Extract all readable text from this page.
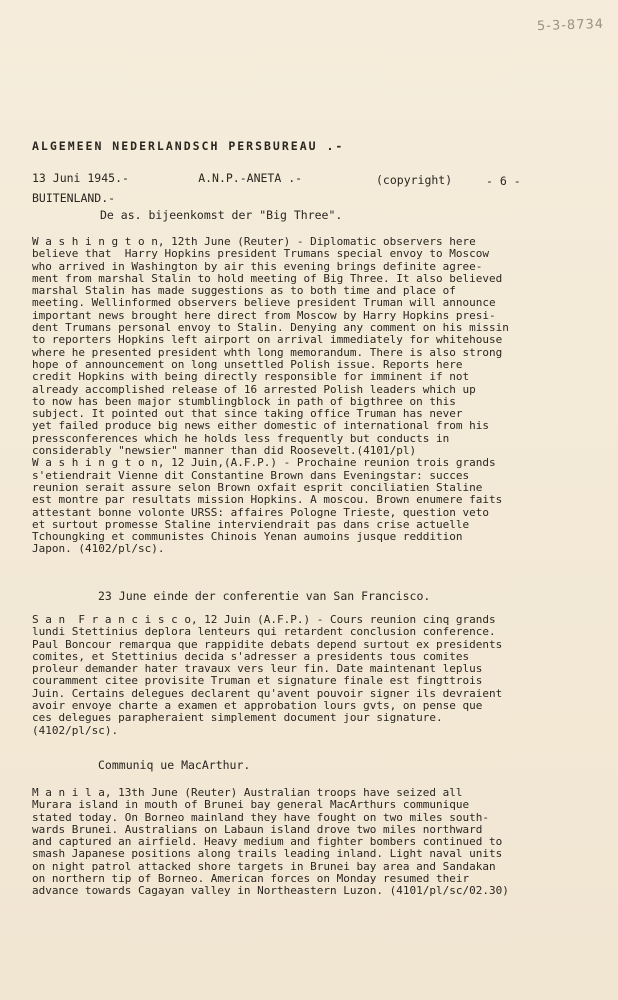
5-3-8734
ALGEMEEN NEDERLANDSCH PERSBUREAU .-
13 Juni 1945.-	A.N.P.-ANETA .-	(copyright)	- 6 -
BUITENLAND.-
De as. bijeenkomst der "Big Three".
W a s h i n g t o n, 12th June (Reuter) - Diplomatic observers here
believe that  Harry Hopkins president Trumans special envoy to Moscow
who arrived in Washington by air this evening brings definite agree-
ment from marshal Stalin to hold meeting of Big Three. It also believed
marshal Stalin has made suggestions as to both time and place of
meeting. Wellinformed observers believe president Truman will announce
important news brought here direct from Moscow by Harry Hopkins presi-
dent Trumans personal envoy to Stalin. Denying any comment on his missin
to reporters Hopkins left airport on arrival immediately for whitehouse
where he presented president whth long memorandum. There is also strong
hope of announcement on long unsettled Polish issue. Reports here
credit Hopkins with being directly responsible for imminent if not
already accomplished release of 16 arrested Polish leaders which up
to now has been major stumblingblock in path of bigthree on this
subject. It pointed out that since taking office Truman has never
yet failed produce big news either domestic of international from his
pressconferences which he holds less frequently but conducts in
considerably "newsier" manner than did Roosevelt.(4101/pl)
W a s h i n g t o n, 12 Juin,(A.F.P.) - Prochaine reunion trois grands
s'etiendrait Vienne dit Constantine Brown dans Eveningstar: succes
reunion serait assure selon Brown oxfait esprit conciliatien Staline
est montre par resultats mission Hopkins. A moscou. Brown enumere faits
attestant bonne volonte URSS: affaires Pologne Trieste, question veto
et surtout promesse Staline interviendrait pas dans crise actuelle
Tchoungking et communistes Chinois Yenan aumoins jusque reddition
Japon. (4102/pl/sc).
23 June einde der conferentie van San Francisco.
S a n  F r a n c i s c o, 12 Juin (A.F.P.) - Cours reunion cinq grands
lundi Stettinius deplora lenteurs qui retardent conclusion conference.
Paul Boncour remarqua que rappidite debats depend surtout ex presidents
comites, et Stettinius decida s'adresser a presidents tous comites
proleur demander hater travaux vers leur fin. Date maintenant leplus
couramment citee provisite Truman et signature finale est fingttrois
Juin. Certains delegues declarent qu'avent pouvoir signer ils devraient
avoir envoye charte a examen et approbation lours gvts, on pense que
ces delegues parapheraient simplement document jour signature.
(4102/pl/sc).
Communiq ue MacArthur.
M a n i l a, 13th June (Reuter) Australian troops have seized all
Murara island in mouth of Brunei bay general MacArthurs communique
stated today. On Borneo mainland they have fought on two miles south-
wards Brunei. Australians on Labaun island drove two miles northward
and captured an airfield. Heavy medium and fighter bombers continued to
smash Japanese positions along trails leading inland. Light naval units
on night patrol attacked shore targets in Brunei bay area and Sandakan
on northern tip of Borneo. American forces on Monday resumed their
advance towards Cagayan valley in Northeastern Luzon. (4101/pl/sc/02.30)
